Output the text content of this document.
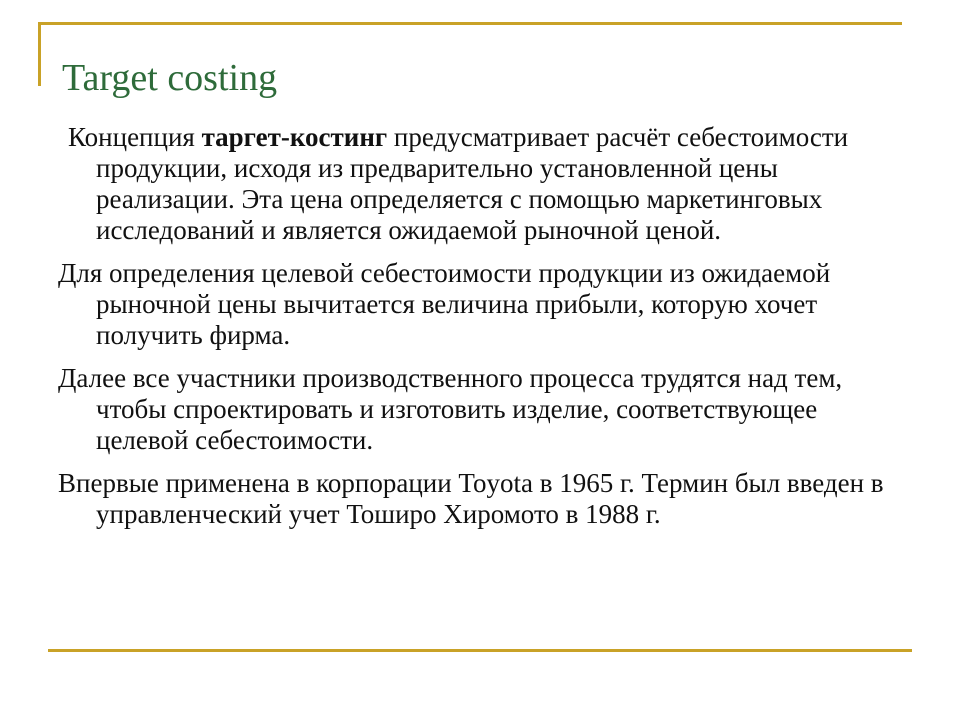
Target costing

Концепция таргет-костинг предусматривает расчёт себестоимости продукции, исходя из предварительно установленной цены реализации. Эта цена определяется с помощью маркетинговых исследований и является ожидаемой рыночной ценой.

Для определения целевой себестоимости продукции из ожидаемой рыночной цены вычитается величина прибыли, которую хочет получить фирма.

Далее все участники производственного процесса трудятся над тем, чтобы спроектировать и изготовить изделие, соответствующее целевой себестоимости.

Впервые применена в корпорации Toyota в 1965 г. Термин был введен в управленческий учет Тоширо Хиромото в 1988 г.
